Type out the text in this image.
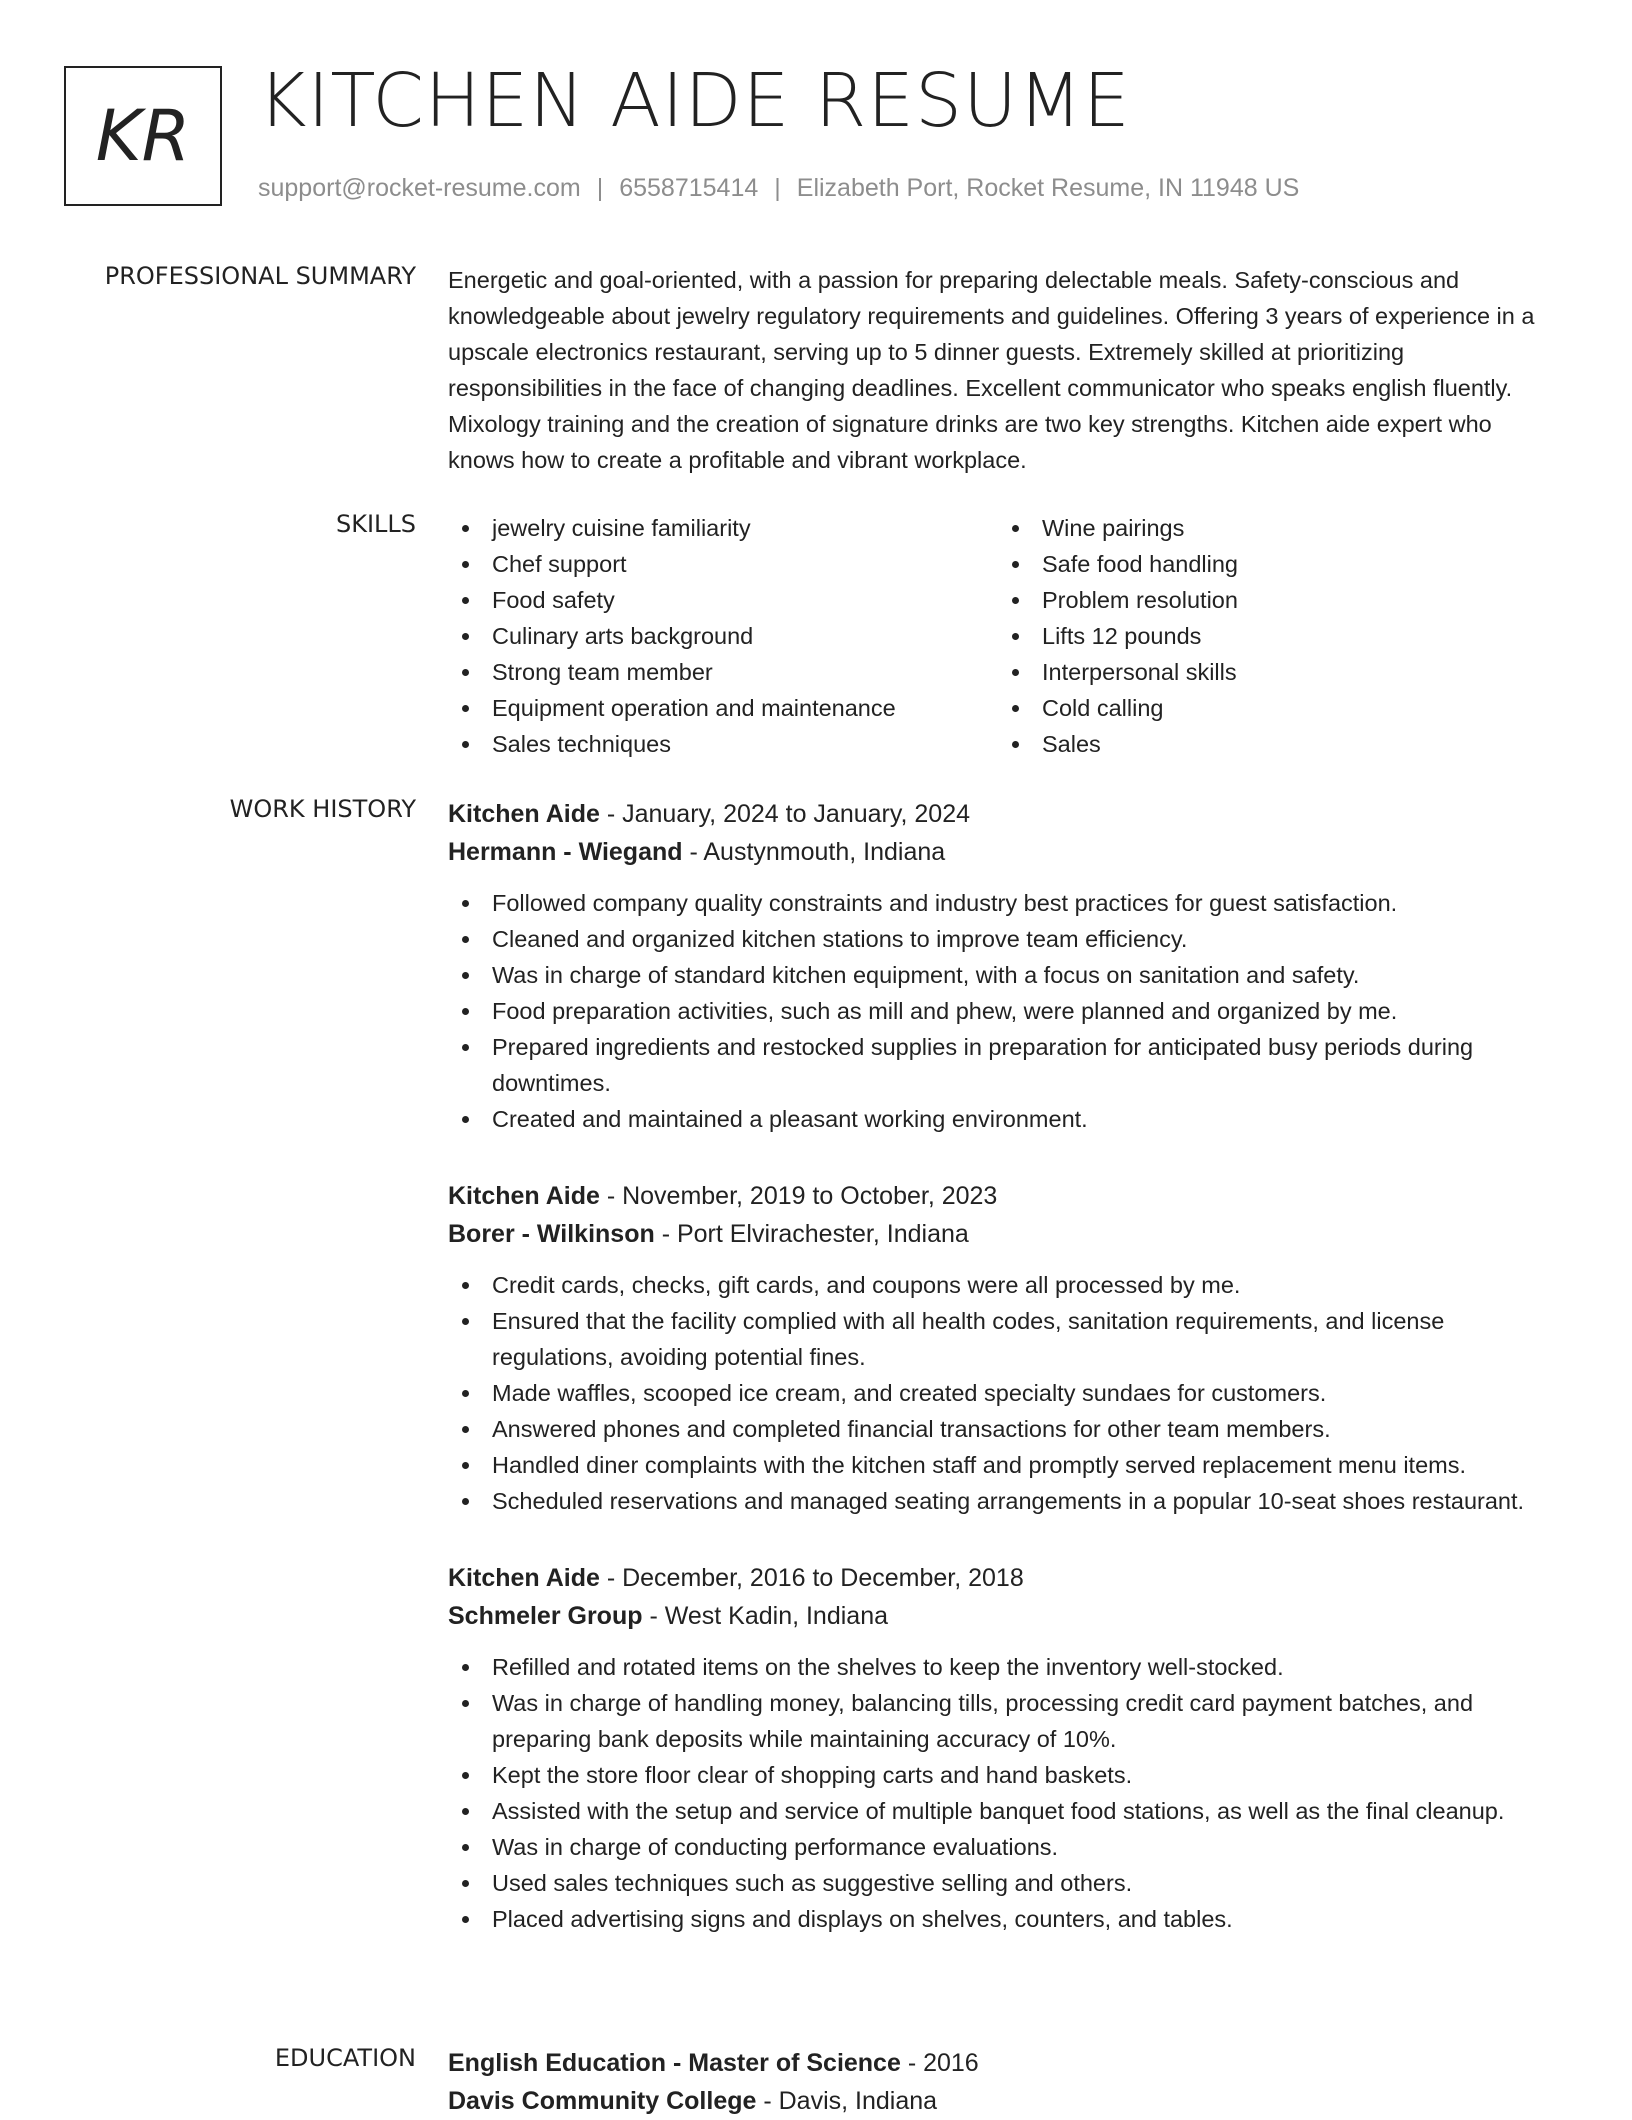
KR KITCHEN AIDE RESUME
support@rocket-resume.com | 6558715414 | Elizabeth Port, Rocket Resume, IN 11948 US
PROFESSIONAL SUMMARY Energetic and goal-oriented, with a passion for preparing delectable meals. Safety-conscious and knowledgeable about jewelry regulatory requirements and guidelines. Offering 3 years of experience in a upscale electronics restaurant, serving up to 5 dinner guests. Extremely skilled at prioritizing responsibilities in the face of changing deadlines. Excellent communicator who speaks english fluently. Mixology training and the creation of signature drinks are two key strengths. Kitchen aide expert who knows how to create a profitable and vibrant workplace.

SKILLS	jewelry cuisine familiarity
Chef support
Food safety
Culinary arts background
Strong team member
Equipment operation and maintenance
Sales techniques
Wine pairings
Safe food handling
Problem resolution
Lifts 12 pounds
Interpersonal skills
Cold calling
Sales
WORK HISTORY Kitchen Aide - January, 2024 to January, 2024
Hermann - Wiegand - Austynmouth, Indiana
Followed company quality constraints and industry best practices for guest satisfaction.
Cleaned and organized kitchen stations to improve team efficiency.
Was in charge of standard kitchen equipment, with a focus on sanitation and safety.
Food preparation activities, such as mill and phew, were planned and organized by me.
Prepared ingredients and restocked supplies in preparation for anticipated busy periods during downtimes.
Created and maintained a pleasant working environment.
Kitchen Aide - November, 2019 to October, 2023
Borer - Wilkinson - Port Elvirachester, Indiana
Credit cards, checks, gift cards, and coupons were all processed by me.
Ensured that the facility complied with all health codes, sanitation requirements, and license regulations, avoiding potential fines.
Made waffles, scooped ice cream, and created specialty sundaes for customers.
Answered phones and completed financial transactions for other team members.
Handled diner complaints with the kitchen staff and promptly served replacement menu items.
Scheduled reservations and managed seating arrangements in a popular 10-seat shoes restaurant.
Kitchen Aide - December, 2016 to December, 2018
Schmeler Group - West Kadin, Indiana
Refilled and rotated items on the shelves to keep the inventory well-stocked.
Was in charge of handling money, balancing tills, processing credit card payment batches, and preparing bank deposits while maintaining accuracy of 10%.
Kept the store floor clear of shopping carts and hand baskets.
Assisted with the setup and service of multiple banquet food stations, as well as the final cleanup.
Was in charge of conducting performance evaluations.
Used sales techniques such as suggestive selling and others.
Placed advertising signs and displays on shelves, counters, and tables.
EDUCATION English Education - Master of Science - 2016
Davis Community College - Davis, Indiana
